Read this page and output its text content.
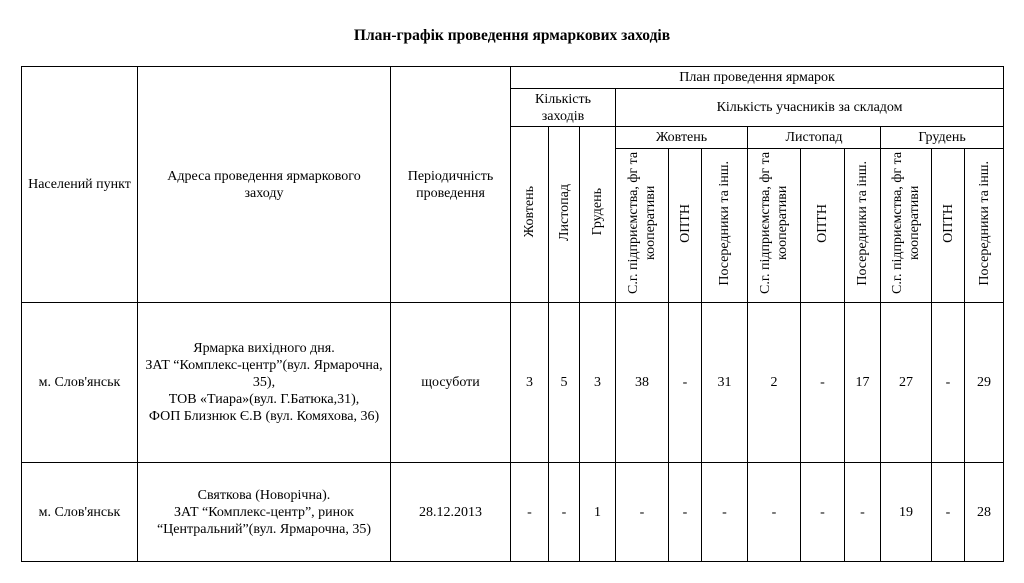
План-графік проведення ярмаркових заходів
Населений пункт	Адреса проведення ярмаркового заходу	Періодичність проведення	План проведення ярмарок											
			Кількість заходів			Кількість учасників за складом								
			Жовтень	Листопад	Грудень	Жовтень			Листопад			Грудень		
						С.г. підприємства, фг та кооперативи	ОПТН	Посередники та інш.	С.г. підприємства, фг та кооперативи	ОПТН	Посередники та інш.	С.г. підприємства, фг та кооперативи	ОПТН	Посередники та інш.
м. Слов'янськ	Ярмарка вихідного дня.
ЗАТ “Комплекс-центр”(вул. Ярмарочна, 35),
ТОВ «Тиара»(вул. Г.Батюка,31),
ФОП Близнюк Є.В (вул. Комяхова, 36)	щосуботи	3	5	3	38	-	31	2	-	17	27	-	29
м. Слов'янськ	Святкова (Новорічна).
ЗАТ “Комплекс-центр”, ринок “Центральний”(вул. Ярмарочна, 35)	28.12.2013	-	-	1	-	-	-	-	-	-	19	-	28
